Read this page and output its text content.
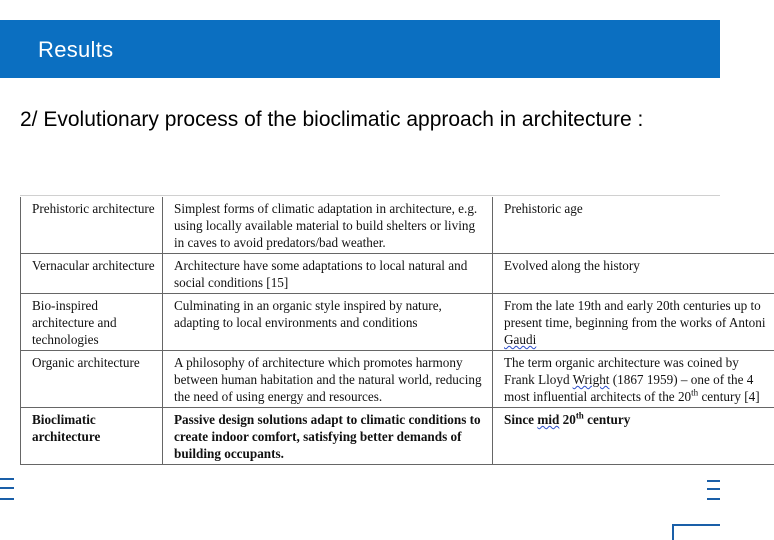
Results
2/ Evolutionary process of the bioclimatic approach in architecture :
Prehistoric architecture	Simplest forms of climatic adaptation in architecture, e.g. using locally available material to build shelters or living in caves to avoid predators/bad weather.	Prehistoric age
Vernacular architecture	Architecture have some adaptations to local natural and social conditions [15]	Evolved along the history
Bio-inspired architecture and technologies	Culminating in an organic style inspired by nature, adapting to local environments and conditions	From the late 19th and early 20th centuries up to present time, beginning from the works of Antoni Gaudi
Organic architecture	A philosophy of architecture which promotes harmony between human habitation and the natural world, reducing the need of using energy and resources.	The term organic architecture was coined by Frank Lloyd Wright (1867 1959) – one of the 4 most influential architects of the 20th century [4]
Bioclimatic architecture	Passive design solutions adapt to climatic conditions to create indoor comfort, satisfying better demands of building occupants.	Since mid 20th century
